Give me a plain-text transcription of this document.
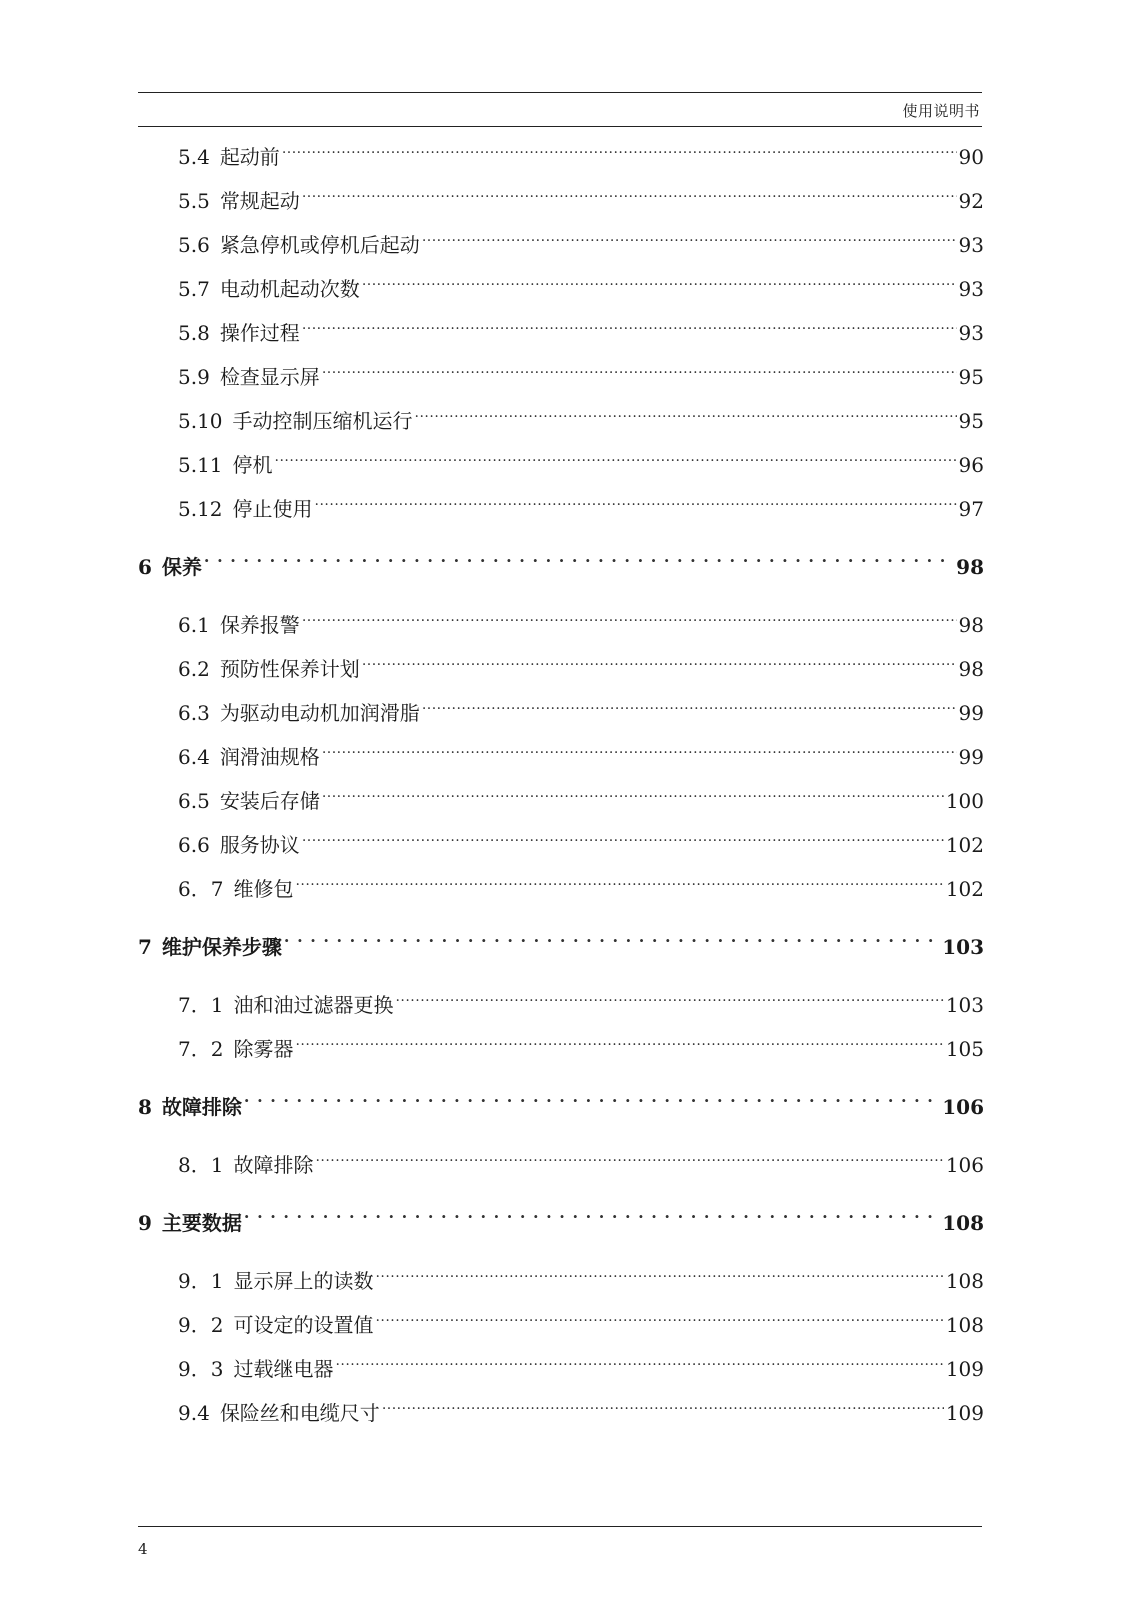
使用说明书
5.4 起动前 .....	90
5.5 常规起动 .....	92
5.6 紧急停机或停机后起动 .....	93
5.7 电动机起动次数 .....	93
5.8 操作过程 .....	93
5.9 检查显示屏 .....	95
5.10 手动控制压缩机运行 .....	95
5.11 停机 .....	96
5.12 停止使用 .....	97
6 保养 . . .	98
6.1 保养报警 .....	98
6.2 预防性保养计划 .....	98
6.3 为驱动电动机加润滑脂 .....	99
6.4 润滑油规格 .....	99
6.5 安装后存储 .....	100
6.6 服务协议 .....	102
6．7 维修包 .....	102
7 维护保养步骤 . . .	103
7．1 油和油过滤器更换 .....	103
7．2 除雾器 .....	105
8 故障排除 . . .	106
8．1 故障排除 .....	106
9 主要数据 . . .	108
9．1 显示屏上的读数 .....	108
9．2 可设定的设置值 .....	108
9．3 过载继电器 .....	109
9.4 保险丝和电缆尺寸 .....	109
4
